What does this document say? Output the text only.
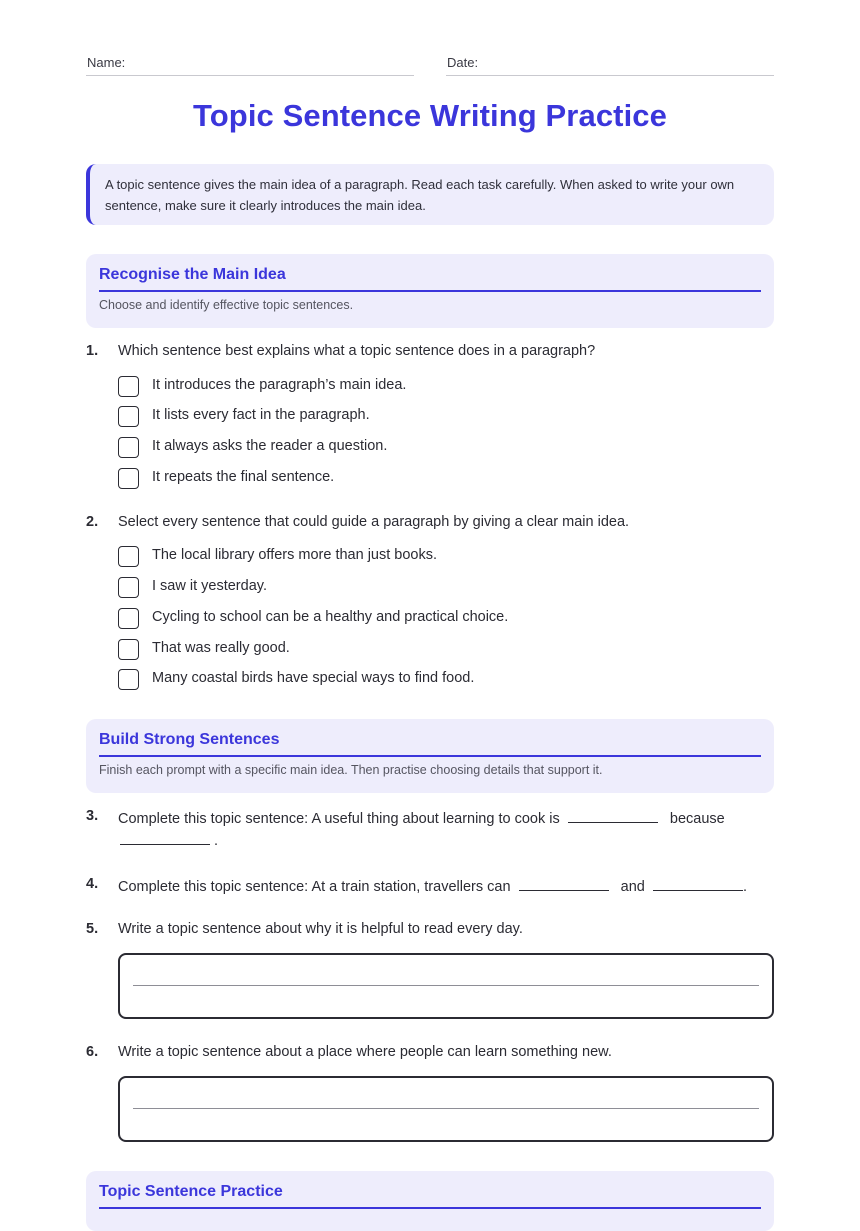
Name:	Date:
Topic Sentence Writing Practice
A topic sentence gives the main idea of a paragraph. Read each task carefully. When asked to write your own sentence, make sure it clearly introduces the main idea.
Recognise the Main Idea
Choose and identify effective topic sentences.
1. Which sentence best explains what a topic sentence does in a paragraph?
It introduces the paragraph’s main idea.
It lists every fact in the paragraph.
It always asks the reader a question.
It repeats the final sentence.
2. Select every sentence that could guide a paragraph by giving a clear main idea.
The local library offers more than just books.
I saw it yesterday.
Cycling to school can be a healthy and practical choice.
That was really good.
Many coastal birds have special ways to find food.
Build Strong Sentences
Finish each prompt with a specific main idea. Then practise choosing details that support it.
3. Complete this topic sentence: A useful thing about learning to cook is	because
.
4. Complete this topic sentence: At a train station, travellers can	and	.
5. Write a topic sentence about why it is helpful to read every day.
6. Write a topic sentence about a place where people can learn something new.
Topic Sentence Practice
